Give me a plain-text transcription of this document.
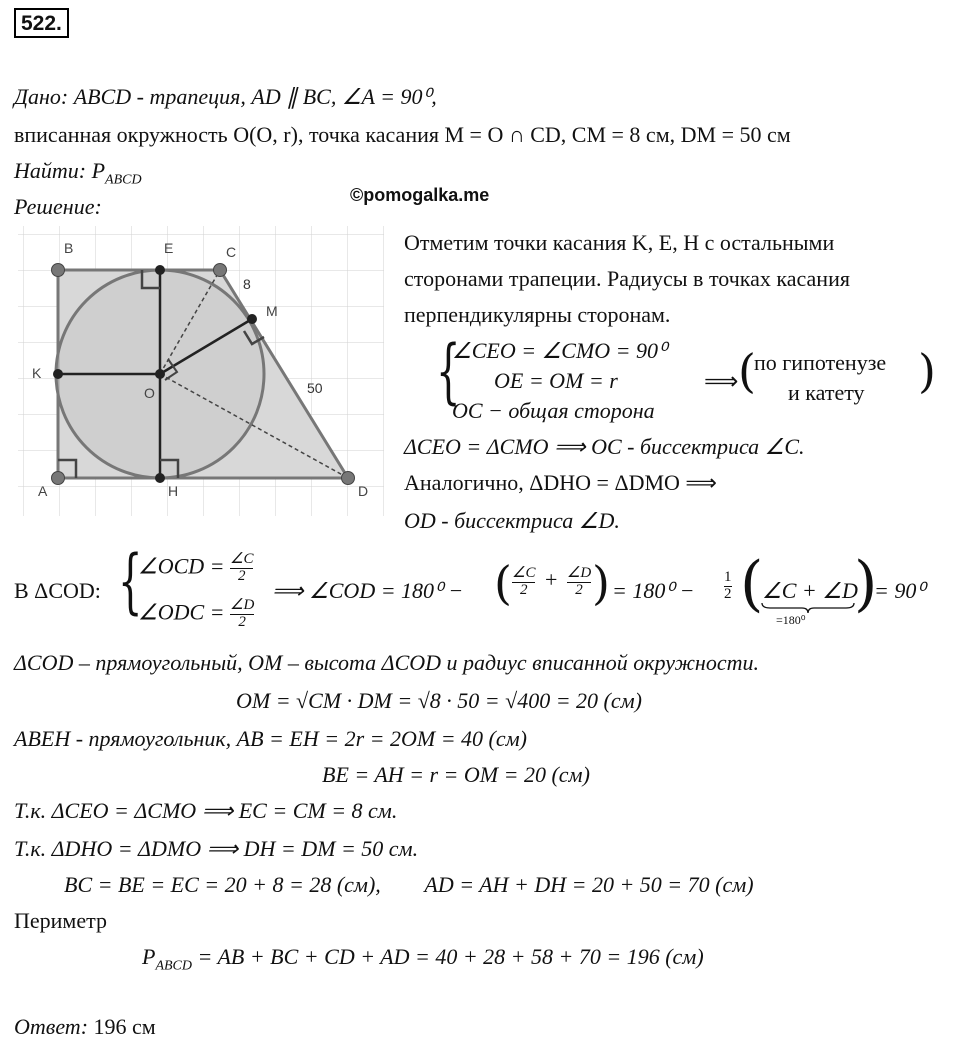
522.
Дано: ABCD - трапеция, AD ∥ BC, ∠A = 90⁰,
вписанная окружность O(O, r), точка касания M = O ∩ CD, CM = 8 см, DM = 50 см
Найти: $P_{ABCD}$
©pomogalka.me
Решение:
B	E	C
M
K
O
A	H	D
8
50
Отметим точки касания K, E, H с остальными
сторонами трапеции. Радиусы в точках касания
перпендикулярны сторонам.
{
∠CEO = ∠CMO = 90⁰
OE = OM = r
OC − общая сторона
⟹ (
по гипотенузе
и катету )
ΔCEO = ΔCMO ⟹ OC - биссектриса ∠C.
Аналогично, ΔDHO = ΔDMO ⟹
OD - биссектриса ∠D.
В ΔCOD: {
∠OCD = $\frac{\angle C}{2}$
∠ODC = $\frac{\angle D}{2}$
⟹ ∠COD = 180⁰ − ( $\frac{\angle C}{2} + \frac{\angle D}{2}$ ) = $180^0 - \frac{1}{2}$ (
∠C + ∠D
=180⁰
)
= 90⁰
ΔCOD – прямоугольный, OM – высота ΔCOD и радиус вписанной окружности.
OM = √CM · DM = √8 · 50 = √400 = 20 (см)
ABEH - прямоугольник, AB = EH = 2r = 2OM = 40 (см)
BE = AH = r = OM = 20 (см)
Т.к. ΔCEO = ΔCMO ⟹ EC = CM = 8 см.
Т.к. ΔDHO = ΔDMO ⟹ DH = DM = 50 см.
BC = BE = EC = 20 + 8 = 28 (см),        AD = AH + DH = 20 + 50 = 70 (см)
Периметр
$P_{ABCD}$ = AB + BC + CD + AD = 40 + 28 + 58 + 70 = 196 (см)
Ответ: 196 см
